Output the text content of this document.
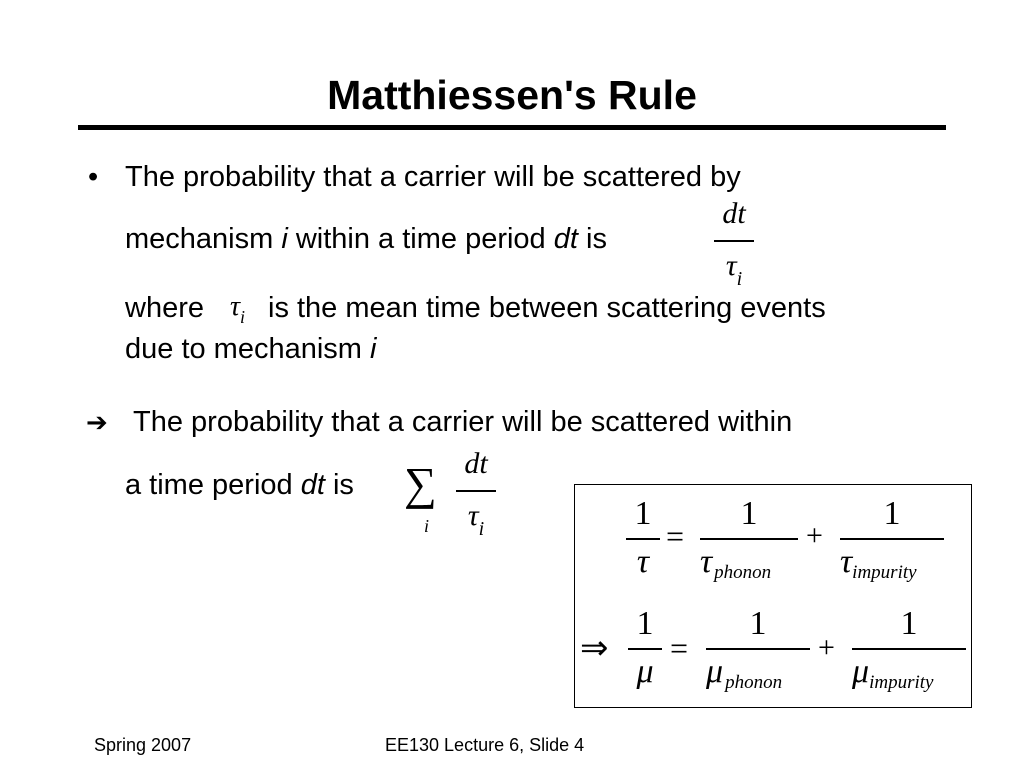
Matthiessen's Rule
• The probability that a carrier will be scattered by
mechanism i within a time period dt is
dt
$\tau_i$
where $\tau_i$ is the mean time between scattering events
due to mechanism i
➔ The probability that a carrier will be scattered within
a time period dt is ∑
i
dt
$\tau_i$	1
τ
=
1
τphonon
+
1
τimpurity
⇒
1
μ
=
1
μphonon
+
1
μimpurity
Spring 2007	EE130 Lecture 6, Slide 4
